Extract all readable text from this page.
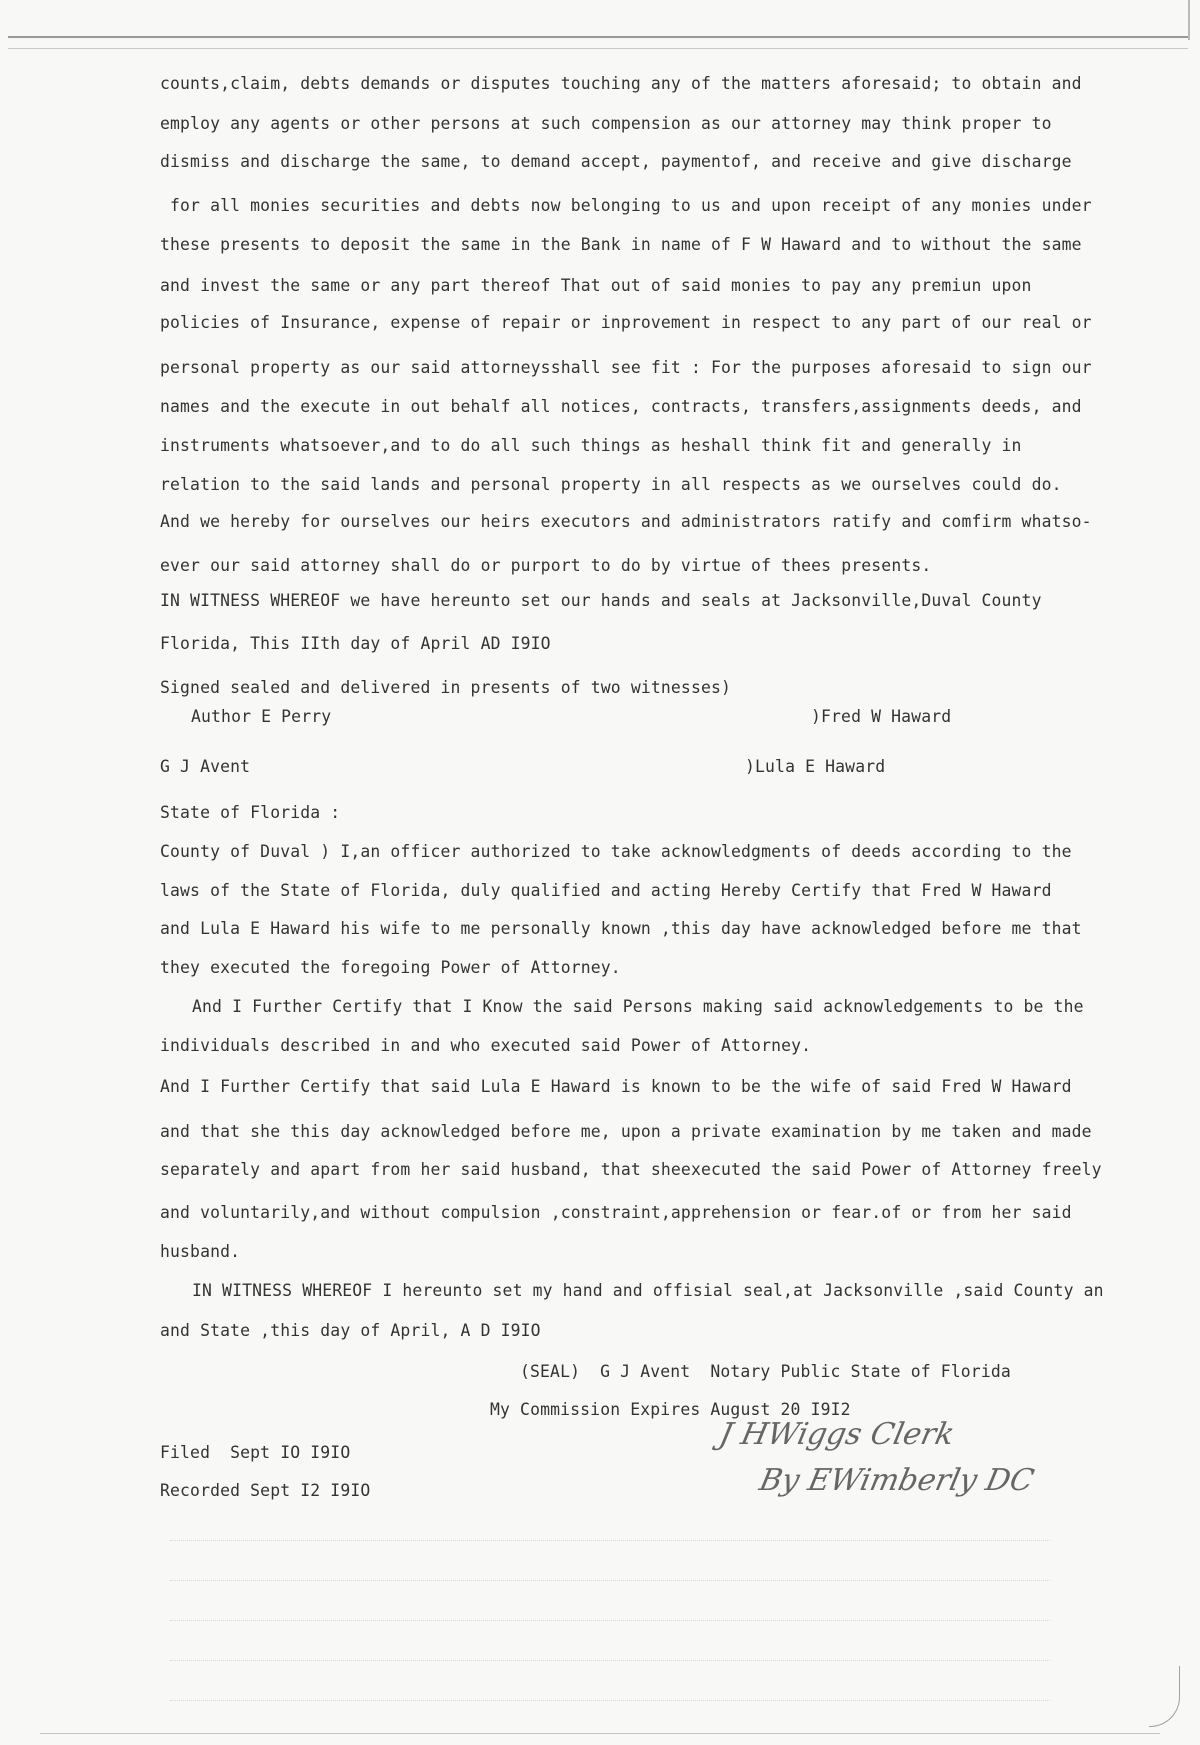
counts,claim, debts demands or disputes touching any of the matters aforesaid; to obtain and
employ any agents or other persons at such compension as our attorney may think proper to
dismiss and discharge the same, to demand accept, paymentof, and receive and give discharge
for all monies securities and debts now belonging to us and upon receipt of any monies under
these presents to deposit the same in the Bank in name of F W Haward and to without the same
and invest the same or any part thereof That out of said monies to pay any premiun upon
policies of Insurance, expense of repair or inprovement in respect to any part of our real or
personal property as our said attorneysshall see fit : For the purposes aforesaid to sign our
names and the execute in out behalf all notices, contracts, transfers,assignments deeds, and
instruments whatsoever,and to do all such things as heshall think fit and generally in
relation to the said lands and personal property in all respects as we ourselves could do.
And we hereby for ourselves our heirs executors and administrators ratify and comfirm whatso-
ever our said attorney shall do or purport to do by virtue of thees presents.
IN WITNESS WHEREOF we have hereunto set our hands and seals at Jacksonville,Duval County
Florida, This IIth day of April AD I9IO
Signed sealed and delivered in presents of two witnesses)
Author E Perry	)Fred W Haward
G J Avent	)Lula E Haward
State of Florida :
County of Duval ) I,an officer authorized to take acknowledgments of deeds according to the
laws of the State of Florida, duly qualified and acting Hereby Certify that Fred W Haward
and Lula E Haward his wife to me personally known ,this day have acknowledged before me that
they executed the foregoing Power of Attorney.
And I Further Certify that I Know the said Persons making said acknowledgements to be the
individuals described in and who executed said Power of Attorney.
And I Further Certify that said Lula E Haward is known to be the wife of said Fred W Haward
and that she this day acknowledged before me, upon a private examination by me taken and made
separately and apart from her said husband, that sheexecuted the said Power of Attorney freely
and voluntarily,and without compulsion ,constraint,apprehension or fear.of or from her said
husband.
IN WITNESS WHEREOF I hereunto set my hand and offisial seal,at Jacksonville ,said County an
and State ,this day of April, A D I9IO
(SEAL)  G J Avent  Notary Public State of Florida
My Commission Expires August 20 I9I2
Filed  Sept IO I9IO
Recorded Sept I2 I9IO
J HWiggs Clerk
By EWimberly DC
